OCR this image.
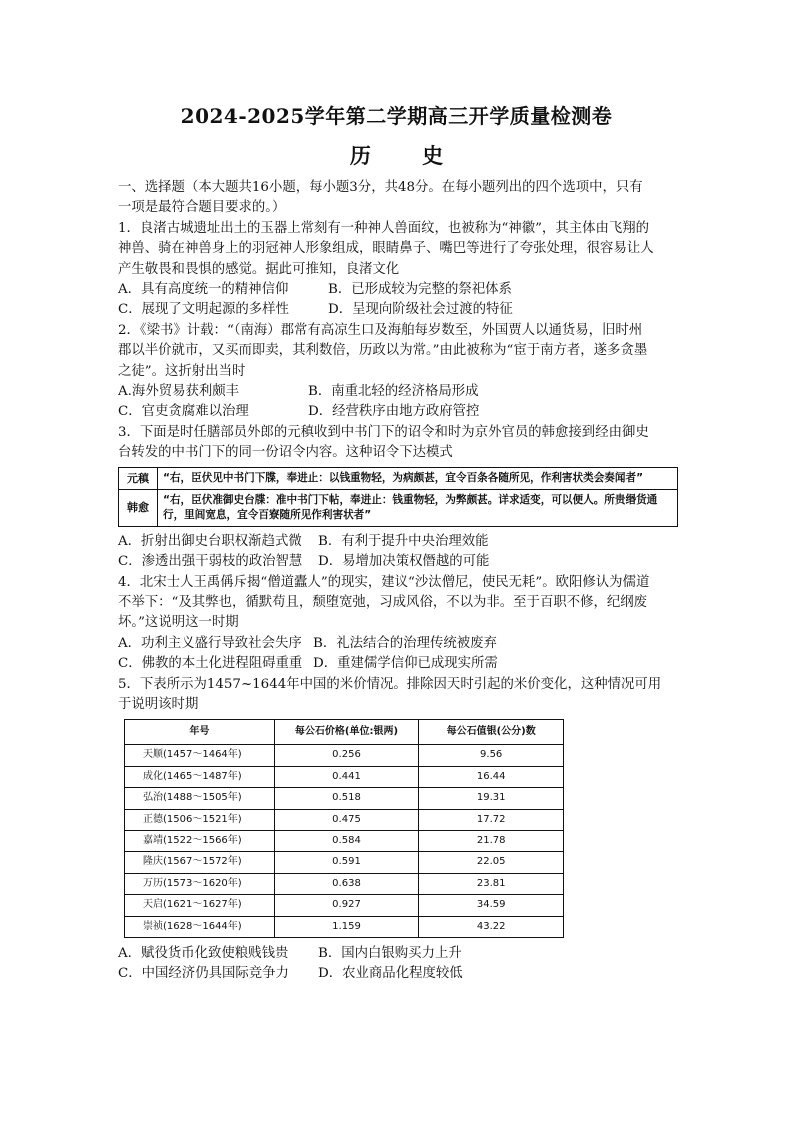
2024-2025学年第二学期高三开学质量检测卷
历 史

一、选择题（本大题共16小题，每小题3分，共48分。在每小题列出的四个选项中，只有

一项是最符合题目要求的。）

1．良渚古城遗址出土的玉器上常刻有一种神人兽面纹，也被称为“神徽”，其主体由飞翔的

神兽、骑在神兽身上的羽冠神人形象组成，眼睛鼻子、嘴巴等进行了夸张处理，很容易让人

产生敬畏和畏惧的感觉。据此可推知，良渚文化

A．具有高度统一的精神信仰	B．已形成较为完整的祭祀体系
C．展现了文明起源的多样性	D．呈现向阶级社会过渡的特征

2．《梁书》计载：“（南海）郡常有高凉生口及海舶每岁数至，外国贾人以通货易，旧时州

郡以半价就市，又买而即卖，其利数倍，历政以为常。”由此被称为“宦于南方者，遂多贪墨

之徒”。这折射出当时

A.海外贸易获利颇丰	B．南重北轻的经济格局形成
C．官吏贪腐难以治理	D．经营秩序由地方政府管控

3．下面是时任膳部员外郎的元稹收到中书门下的诏令和时为京外官员的韩愈接到经由御史

台转发的中书门下的同一份诏令内容。这种诏令下达模式

元稹	“右，臣伏见中书门下牒，奉进止：以钱重物轻，为病颇甚，宜令百条各随所见，作利害状类会奏闻者”
韩愈	“右，臣伏准御史台牒：准中书门下帖，奉进止：钱重物轻，为弊颇甚。详求适变，可以便人。所贵缗货通行，里闾宽息，宜令百寮随所见作利害状者”
A．折射出御史台职权渐趋式微	B．有利于提升中央治理效能
C．渗透出强干弱枝的政治智慧	D．易增加决策权僭越的可能

4．北宋士人王禹偁斥揭“僧道蠹人”的现实，建议“沙汰僧尼，使民无耗”。欧阳修认为儒道

不举下：“及其弊也，循默苟且，颓堕宽弛，习成风俗，不以为非。至于百职不修，纪纲废

坏。”这说明这一时期

A．功利主义盛行导致社会失序 B．礼法结合的治理传统被废弃
C．佛教的本土化进程阻碍重重 D．重建儒学信仰已成现实所需

5．下表所示为1457~1644年中国的米价情况。排除因天时引起的米价变化，这种情况可用

于说明该时期

年号	每公石价格(单位:银两)	每公石值银(公分)数
天顺(1457～1464年)	0.256	9.56
成化(1465～1487年)	0.441	16.44
弘治(1488～1505年)	0.518	19.31
正德(1506～1521年)	0.475	17.72
嘉靖(1522～1566年)	0.584	21.78
隆庆(1567～1572年)	0.591	22.05
万历(1573～1620年)	0.638	23.81
天启(1621～1627年)	0.927	34.59
崇祯(1628～1644年)	1.159	43.22
A．赋役货币化致使粮贱钱贵	B．国内白银购买力上升
C．中国经济仍具国际竞争力	D．农业商品化程度较低
